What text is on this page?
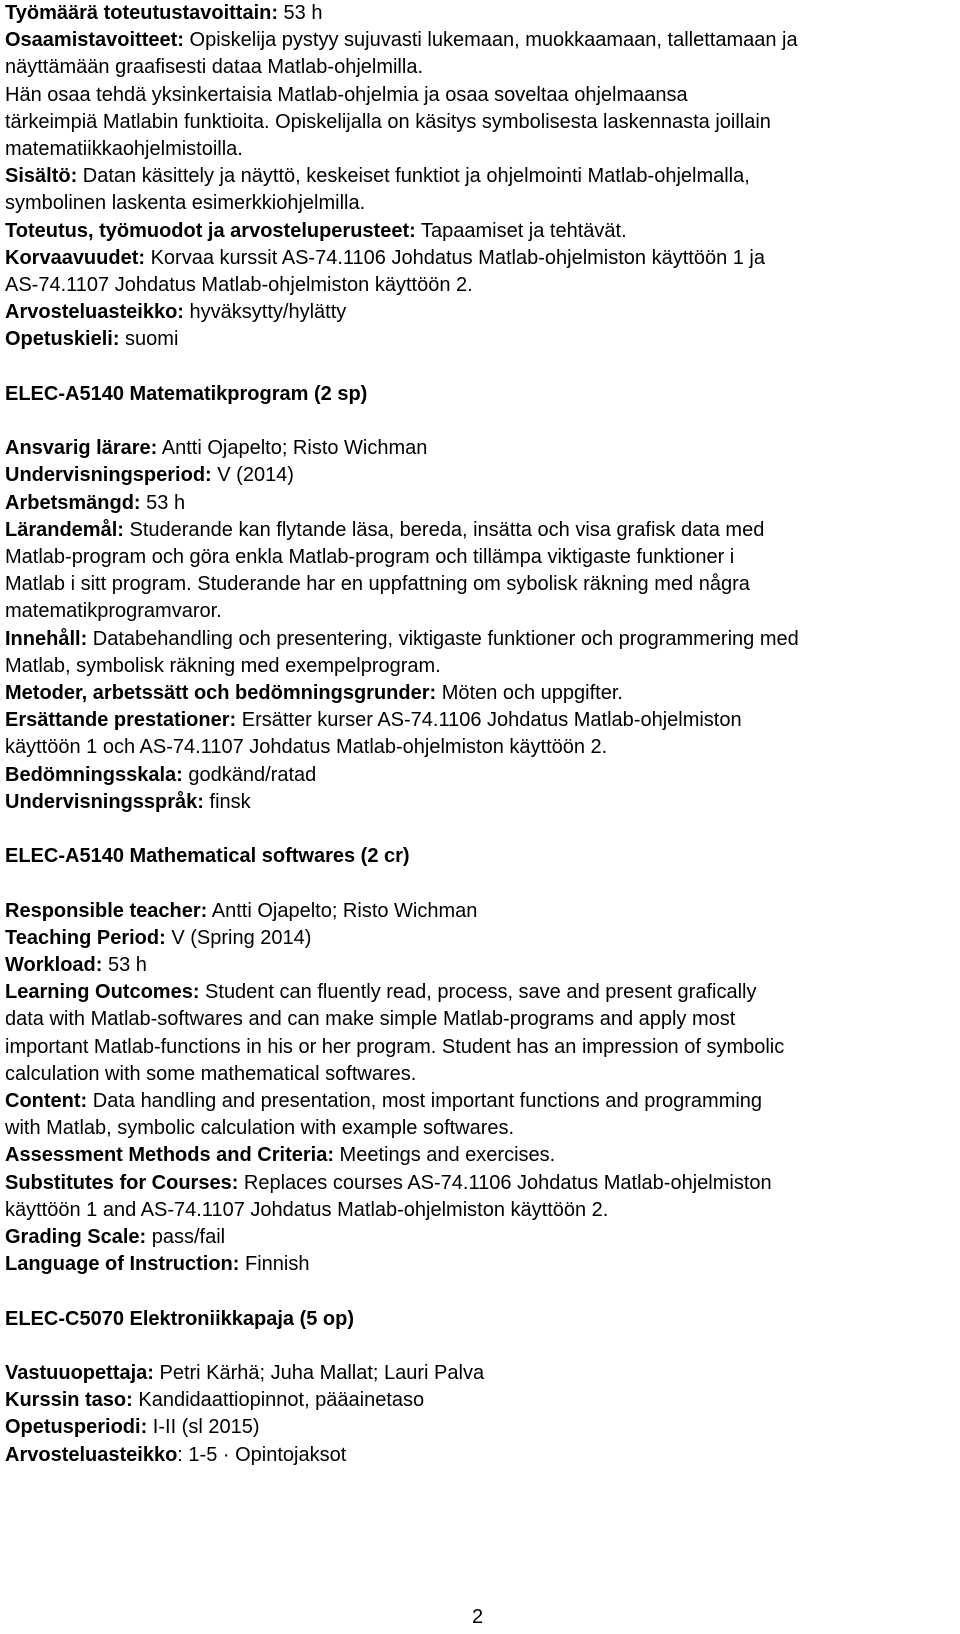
Työmäärä toteutustavoittain: 53 h
Osaamistavoitteet: Opiskelija pystyy sujuvasti lukemaan, muokkaamaan, tallettamaan ja
näyttämään graafisesti dataa Matlab-ohjelmilla.
Hän osaa tehdä yksinkertaisia Matlab-ohjelmia ja osaa soveltaa ohjelmaansa
tärkeimpiä Matlabin funktioita. Opiskelijalla on käsitys symbolisesta laskennasta joillain
matematiikkaohjelmistoilla.
Sisältö: Datan käsittely ja näyttö, keskeiset funktiot ja ohjelmointi Matlab-ohjelmalla,
symbolinen laskenta esimerkkiohjelmilla.
Toteutus, työmuodot ja arvosteluperusteet: Tapaamiset ja tehtävät.
Korvaavuudet: Korvaa kurssit AS-74.1106 Johdatus Matlab-ohjelmiston käyttöön 1 ja
AS-74.1107 Johdatus Matlab-ohjelmiston käyttöön 2.
Arvosteluasteikko: hyväksytty/hylätty
Opetuskieli: suomi
ELEC-A5140 Matematikprogram (2 sp)
Ansvarig lärare: Antti Ojapelto; Risto Wichman
Undervisningsperiod: V (2014)
Arbetsmängd: 53 h
Lärandemål: Studerande kan flytande läsa, bereda, insätta och visa grafisk data med
Matlab-program och göra enkla Matlab-program och tillämpa viktigaste funktioner i
Matlab i sitt program. Studerande har en uppfattning om sybolisk räkning med några
matematikprogramvaror.
Innehåll: Databehandling och presentering, viktigaste funktioner och programmering med
Matlab, symbolisk räkning med exempelprogram.
Metoder, arbetssätt och bedömningsgrunder: Möten och uppgifter.
Ersättande prestationer: Ersätter kurser AS-74.1106 Johdatus Matlab-ohjelmiston
käyttöön 1 och AS-74.1107 Johdatus Matlab-ohjelmiston käyttöön 2.
Bedömningsskala: godkänd/ratad
Undervisningsspråk: finsk
ELEC-A5140 Mathematical softwares (2 cr)
Responsible teacher: Antti Ojapelto; Risto Wichman
Teaching Period: V (Spring 2014)
Workload: 53 h
Learning Outcomes: Student can fluently read, process, save and present grafically
data with Matlab-softwares and can make simple Matlab-programs and apply most
important Matlab-functions in his or her program. Student has an impression of symbolic
calculation with some mathematical softwares.
Content: Data handling and presentation, most important functions and programming
with Matlab, symbolic calculation with example softwares.
Assessment Methods and Criteria: Meetings and exercises.
Substitutes for Courses: Replaces courses AS-74.1106 Johdatus Matlab-ohjelmiston
käyttöön 1 and AS-74.1107 Johdatus Matlab-ohjelmiston käyttöön 2.
Grading Scale: pass/fail
Language of Instruction: Finnish
ELEC-C5070 Elektroniikkapaja (5 op)
Vastuuopettaja: Petri Kärhä; Juha Mallat; Lauri Palva
Kurssin taso: Kandidaattiopinnot, pääainetaso
Opetusperiodi: I-II (sl 2015)
Arvosteluasteikko: 1-5 · Opintojaksot
2
